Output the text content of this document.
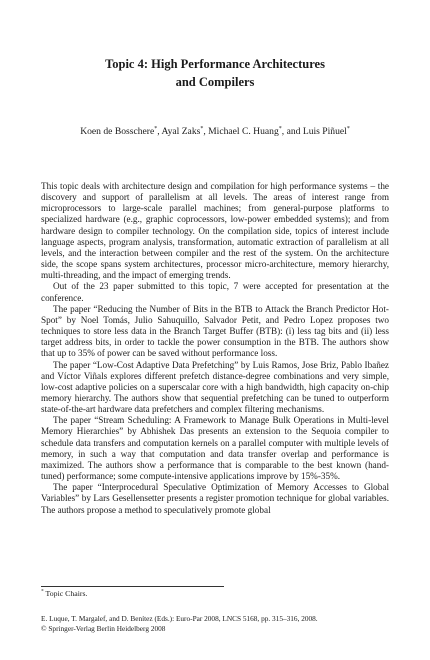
Topic 4: High Performance Architectures
and Compilers
Koen de Bosschere*, Ayal Zaks*, Michael C. Huang*, and Luis Piñuel*

This topic deals with architecture design and compilation for high performance systems – the discovery and support of parallelism at all levels. The areas of interest range from microprocessors to large-scale parallel machines; from general-purpose platforms to specialized hardware (e.g., graphic coprocessors, low-power embedded systems); and from hardware design to compiler technology. On the compilation side, topics of interest include language aspects, program analysis, transformation, automatic extraction of parallelism at all levels, and the interaction between compiler and the rest of the system. On the architecture side, the scope spans system architectures, processor micro-architecture, memory hierarchy, multi-threading, and the impact of emerging trends.

Out of the 23 paper submitted to this topic, 7 were accepted for presentation at the conference.

The paper “Reducing the Number of Bits in the BTB to Attack the Branch Predictor Hot-Spot” by Noel Tomás, Julio Sahuquillo, Salvador Petit, and Pedro Lopez proposes two techniques to store less data in the Branch Target Buffer (BTB): (i) less tag bits and (ii) less target address bits, in order to tackle the power consumption in the BTB. The authors show that up to 35% of power can be saved without performance loss.

The paper “Low-Cost Adaptive Data Prefetching” by Luis Ramos, Jose Briz, Pablo Ibañez and Víctor Viñals explores different prefetch distance-degree combinations and very simple, low-cost adaptive policies on a superscalar core with a high bandwidth, high capacity on-chip memory hierarchy. The authors show that sequential prefetching can be tuned to outperform state-of-the-art hardware data prefetchers and complex filtering mechanisms.

The paper “Stream Scheduling: A Framework to Manage Bulk Operations in Multi-level Memory Hierarchies” by Abhishek Das presents an extension to the Sequoia compiler to schedule data transfers and computation kernels on a parallel computer with multiple levels of memory, in such a way that computation and data transfer overlap and performance is maximized. The authors show a performance that is comparable to the best known (hand-tuned) performance; some compute-intensive applications improve by 15%-35%.

The paper “Interprocedural Speculative Optimization of Memory Accesses to Global Variables” by Lars Gesellensetter presents a register promotion technique for global variables. The authors propose a method to speculatively promote global

* Topic Chairs.
E. Luque, T. Margalef, and D. Benítez (Eds.): Euro-Par 2008, LNCS 5168, pp. 315–316, 2008.
© Springer-Verlag Berlin Heidelberg 2008
